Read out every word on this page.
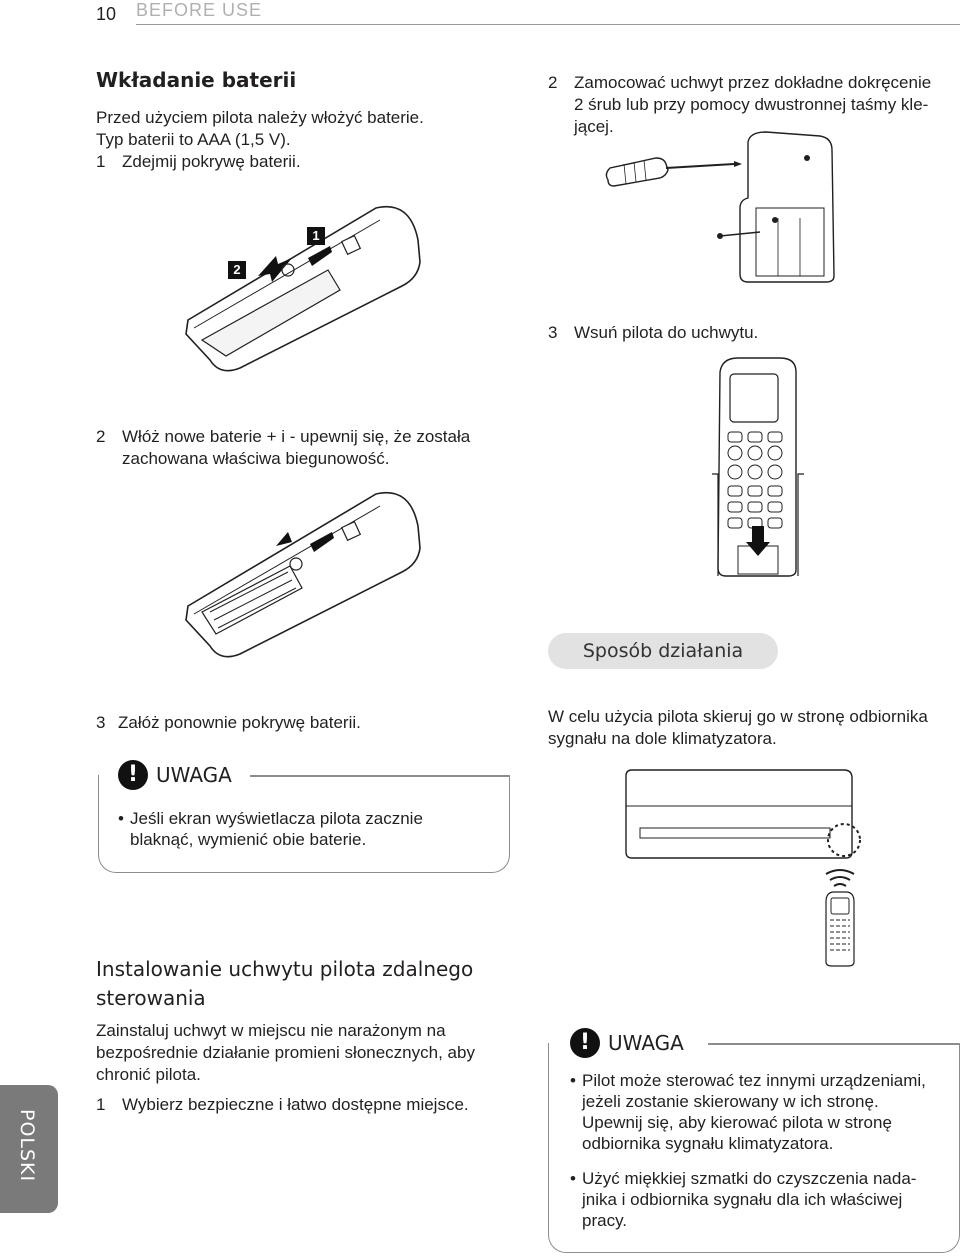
10 BEFORE USE
Wkładanie baterii
Przed użyciem pilota należy włożyć baterie.
Typ baterii to AAA (1,5 V).
1 Zdejmij pokrywę baterii.
1
2
2 Włóż nowe baterie + i - upewnij się, że została
zachowana właściwa biegunowość.
3 Załóż ponownie pokrywę baterii.
! UWAGA
• Jeśli ekran wyświetlacza pilota zacznie
blaknąć, wymienić obie baterie.
Instalowanie uchwytu pilota zdalnego
sterowania
Zainstaluj uchwyt w miejscu nie narażonym na
bezpośrednie działanie promieni słonecznych, aby
chronić pilota.
1 Wybierz bezpieczne i łatwo dostępne miejsce.
2 Zamocować uchwyt przez dokładne dokręcenie
2 śrub lub przy pomocy dwustronnej taśmy kle-
jącej.
3 Wsuń pilota do uchwytu.
Sposób działania
W celu użycia pilota skieruj go w stronę odbiornika
sygnału na dole klimatyzatora.
! UWAGA
• Pilot może sterować tez innymi urządzeniami,
jeżeli zostanie skierowany w ich stronę.
Upewnij się, aby kierować pilota w stronę
odbiornika sygnału klimatyzatora.
• Użyć miękkiej szmatki do czyszczenia nada-
jnika i odbiornika sygnału dla ich właściwej
pracy.
POLSKI
